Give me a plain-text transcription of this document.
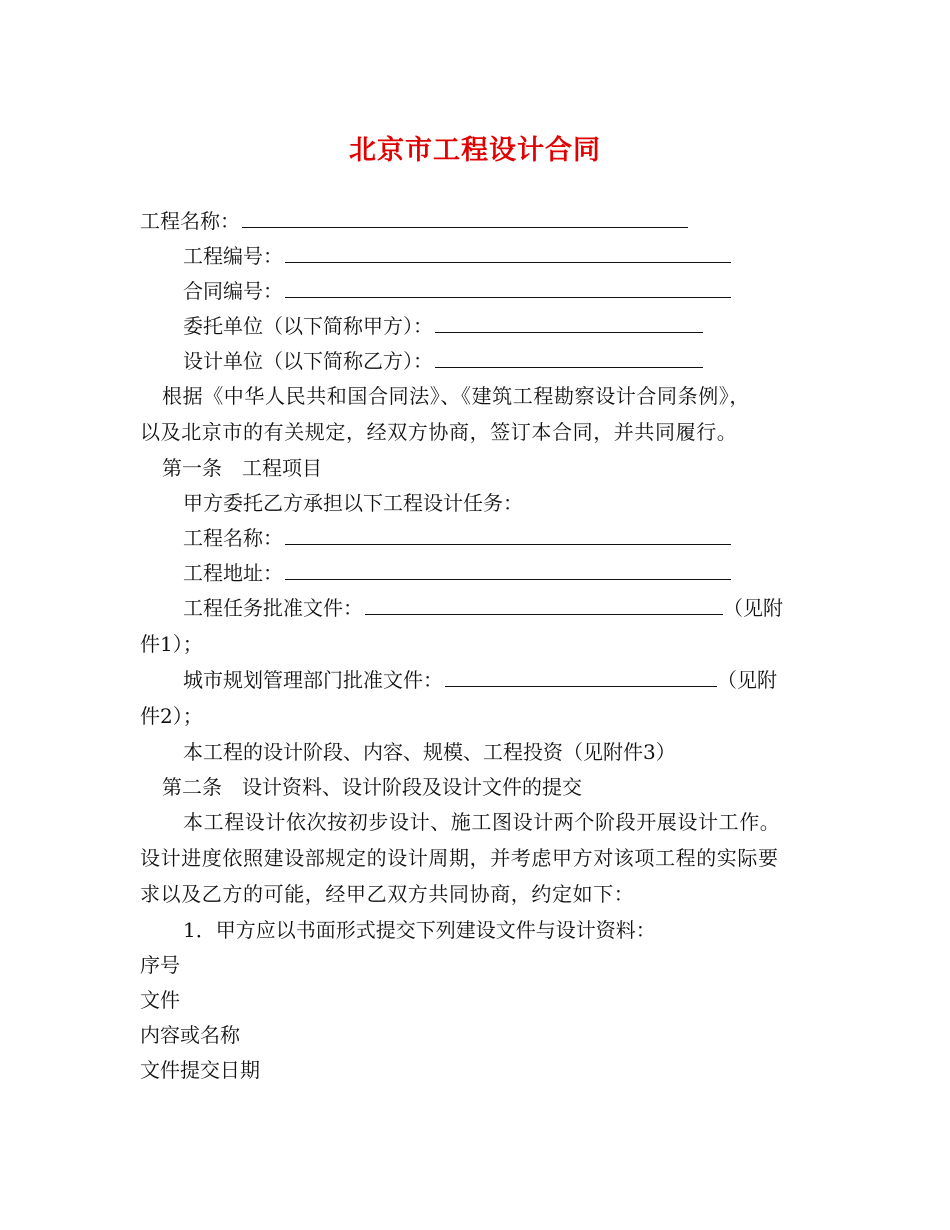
北京市工程设计合同
工程名称：
工程编号：
合同编号：
委托单位（以下简称甲方）：
设计单位（以下简称乙方）：
根据《中华人民共和国合同法》、《建筑工程勘察设计合同条例》，
以及北京市的有关规定，经双方协商，签订本合同，并共同履行。
第一条　工程项目
甲方委托乙方承担以下工程设计任务：
工程名称：
工程地址：
工程任务批准文件：	（见附
件1）；
城市规划管理部门批准文件：	（见附
件2）；
本工程的设计阶段、内容、规模、工程投资（见附件3）
第二条　设计资料、设计阶段及设计文件的提交
本工程设计依次按初步设计、施工图设计两个阶段开展设计工作。
设计进度依照建设部规定的设计周期，并考虑甲方对该项工程的实际要
求以及乙方的可能，经甲乙双方共同协商，约定如下：
1．甲方应以书面形式提交下列建设文件与设计资料：
序号
文件
内容或名称
文件提交日期
